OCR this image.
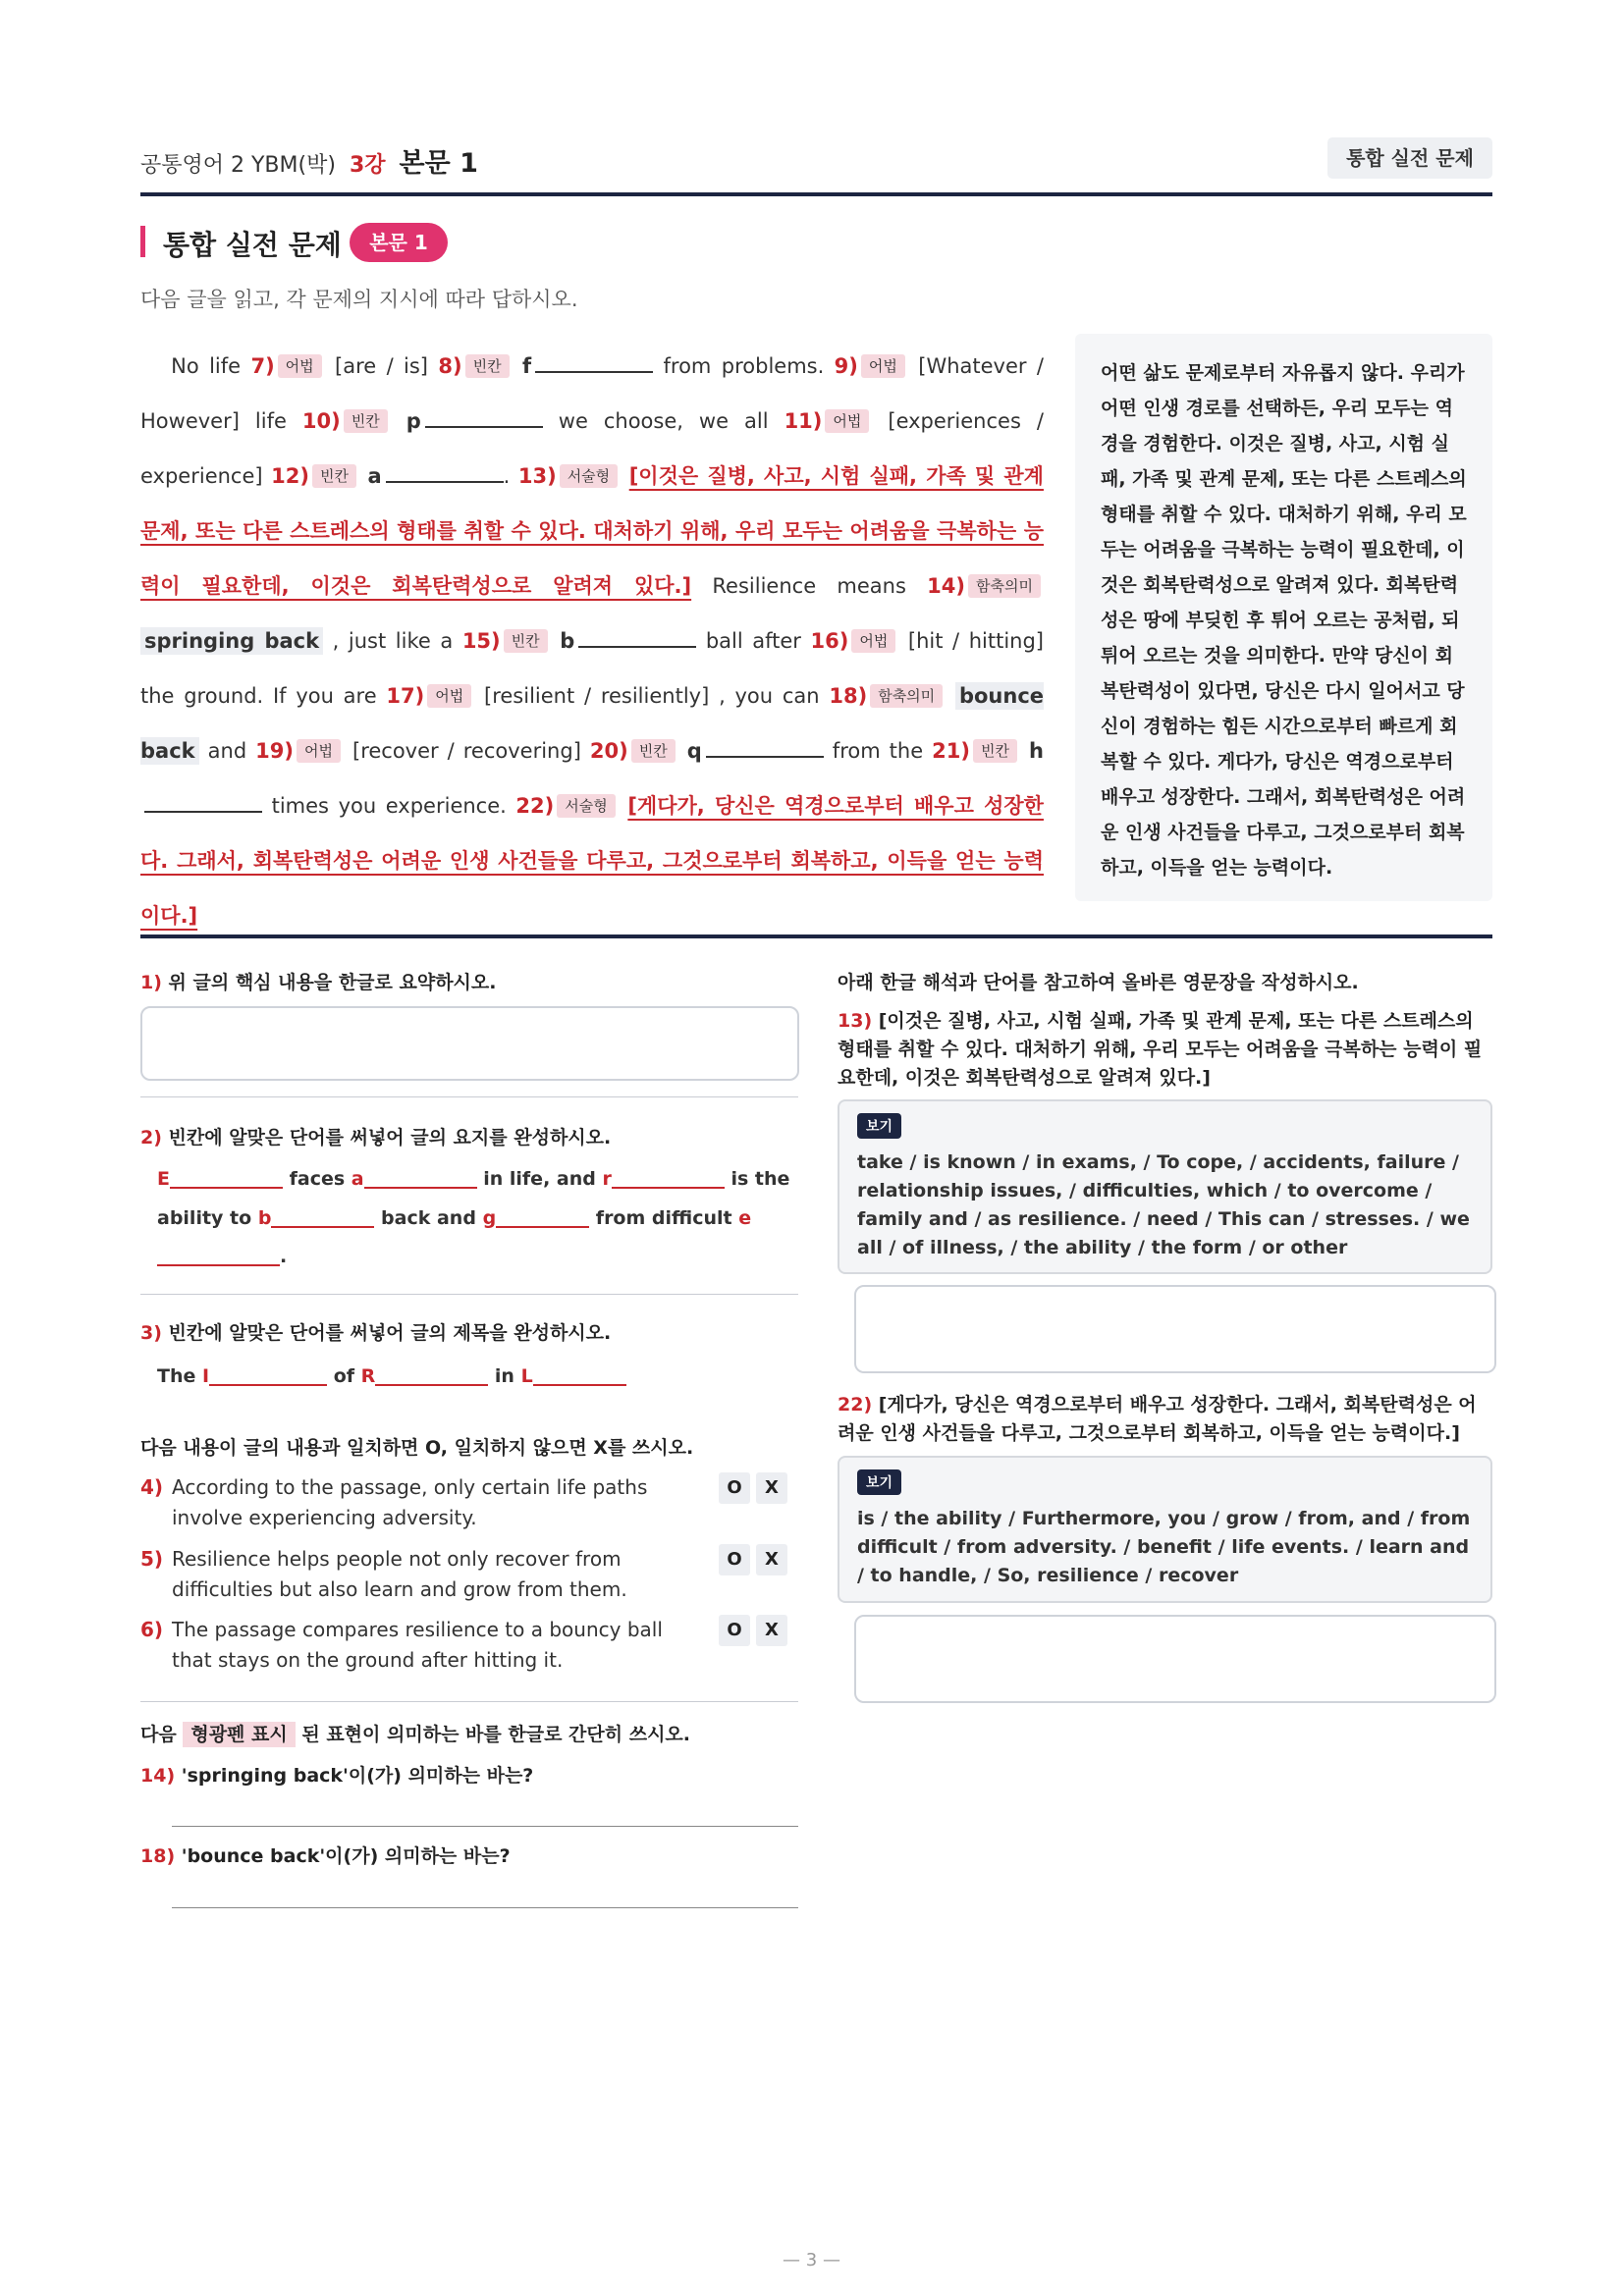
공통영어 2 YBM(박) 3강 본문 1	통합 실전 문제
통합 실전 문제	본문 1
다음 글을 읽고, 각 문제의 지시에 따라 답하시오.
No life 7) 어법 [are / is] 8) 빈칸 f	from problems. 9) 어법 [Whatever / However] life 10) 빈칸 p	we choose, we all 11) 어법 [experiences / experience] 12) 빈칸 a	. 13) 서술형 [이것은 질병, 사고, 시험 실패, 가족 및 관계 문제, 또는 다른 스트레스의 형태를 취할 수 있다. 대처하기 위해, 우리 모두는 어려움을 극복하는 능력이 필요한데, 이것은 회복탄력성으로 알려져 있다.] Resilience means 14) 함축의미 springing back , just like a 15) 빈칸 b	ball after 16) 어법 [hit / hitting] the ground. If you are 17) 어법 [resilient / resiliently] , you can 18) 함축의미 bounce back and 19) 어법 [recover / recovering] 20) 빈칸 q	from the 21) 빈칸 h times you experience. 22) 서술형 [게다가, 당신은 역경으로부터 배우고 성장한다. 그래서, 회복탄력성은 어려운 인생 사건들을 다루고, 그것으로부터 회복하고, 이득을 얻는 능력이다.]
어떤 삶도 문제로부터 자유롭지 않다. 우리가 어떤 인생 경로를 선택하든, 우리 모두는 역경을 경험한다. 이것은 질병, 사고, 시험 실패, 가족 및 관계 문제, 또는 다른 스트레스의 형태를 취할 수 있다. 대처하기 위해, 우리 모두는 어려움을 극복하는 능력이 필요한데, 이것은 회복탄력성으로 알려져 있다. 회복탄력성은 땅에 부딪힌 후 튀어 오르는 공처럼, 되튀어 오르는 것을 의미한다. 만약 당신이 회복탄력성이 있다면, 당신은 다시 일어서고 당신이 경험하는 힘든 시간으로부터 빠르게 회복할 수 있다. 게다가, 당신은 역경으로부터 배우고 성장한다. 그래서, 회복탄력성은 어려운 인생 사건들을 다루고, 그것으로부터 회복하고, 이득을 얻는 능력이다.
1) 위 글의 핵심 내용을 한글로 요약하시오.
2) 빈칸에 알맞은 단어를 써넣어 글의 요지를 완성하시오.
E	faces a	in life, and r	is the
ability to b	back and g	from difficult e
.
3) 빈칸에 알맞은 단어를 써넣어 글의 제목을 완성하시오.
The I	of R	in L
다음 내용이 글의 내용과 일치하면 O, 일치하지 않으면 X를 쓰시오.
4) According to the passage, only certain life paths involve experiencing adversity.
O X
5) Resilience helps people not only recover from difficulties but also learn and grow from them.
O X
6) The passage compares resilience to a bouncy ball that stays on the ground after hitting it.
O X
다음 형광펜 표시 된 표현이 의미하는 바를 한글로 간단히 쓰시오.
14) 'springing back'이(가) 의미하는 바는?
18) 'bounce back'이(가) 의미하는 바는?
아래 한글 해석과 단어를 참고하여 올바른 영문장을 작성하시오.
13) [이것은 질병, 사고, 시험 실패, 가족 및 관계 문제, 또는 다른 스트레스의 형태를 취할 수 있다. 대처하기 위해, 우리 모두는 어려움을 극복하는 능력이 필요한데, 이것은 회복탄력성으로 알려져 있다.]
보기
take / is known / in exams, / To cope, / accidents, failure / relationship issues, / difficulties, which / to overcome / family and / as resilience. / need / This can / stresses. / we all / of illness, / the ability / the form / or other
22) [게다가, 당신은 역경으로부터 배우고 성장한다. 그래서, 회복탄력성은 어려운 인생 사건들을 다루고, 그것으로부터 회복하고, 이득을 얻는 능력이다.]
보기
is / the ability / Furthermore, you / grow / from, and / from difficult / from adversity. / benefit / life events. / learn and / to handle, / So, resilience / recover
— 3 —
